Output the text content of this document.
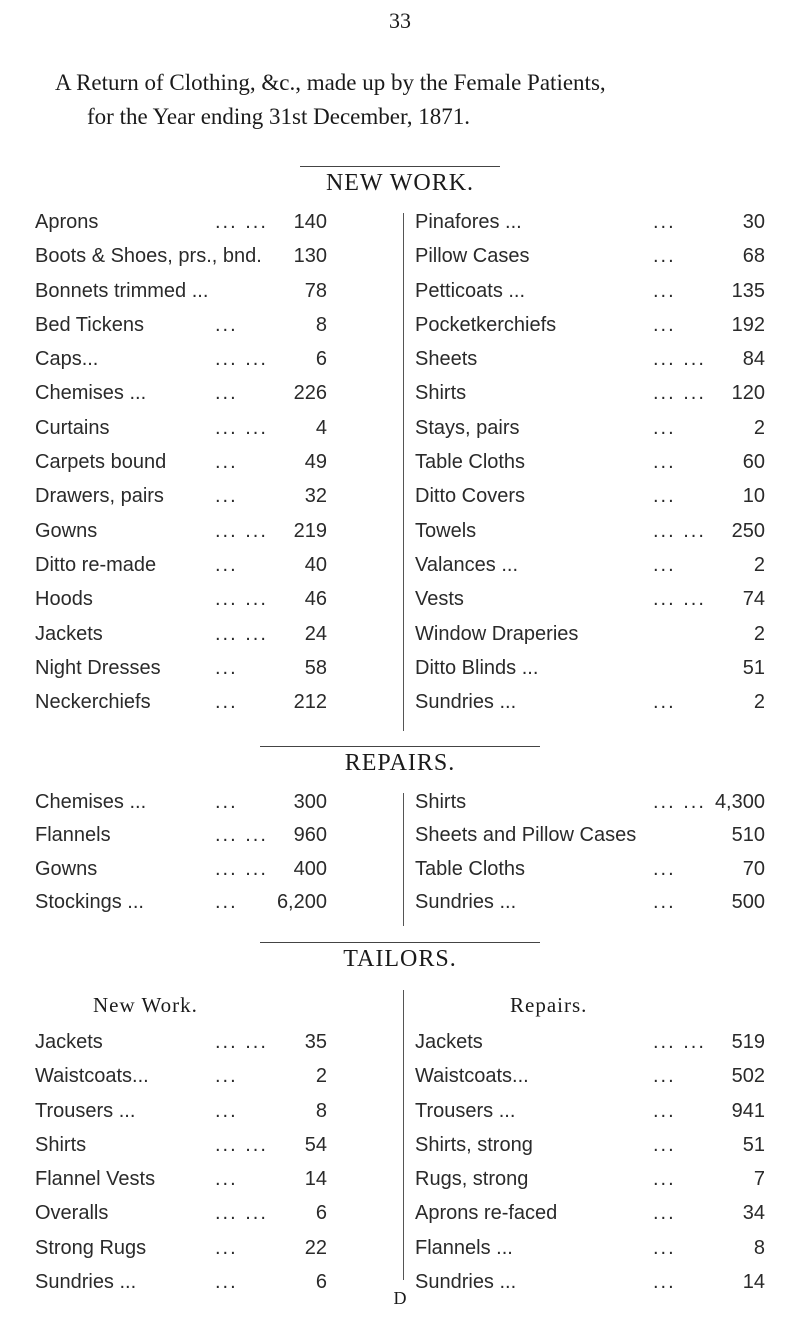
33
A Return of Clothing, &c., made up by the Female Patients,
for the Year ending 31st December, 1871.
NEW WORK.
Aprons	... ... 140	Pinafores ...	...	30
Boots & Shoes, prs., bnd. 130	Pillow Cases	...	68
Bonnets trimmed ...	78	Petticoats ...	...	135
Bed Tickens	...	8	Pocketkerchiefs	...	192
Caps...	... ... 6	Sheets	... ... 84
Chemises ...	...	226	Shirts	... ... 120
Curtains	... ... 4	Stays, pairs	...	2
Carpets bound ...	49	Table Cloths	...	60
Drawers, pairs	...	32	Ditto Covers	...	10
Gowns	... ... 219	Towels	... ... 250
Ditto re-made	...	40	Valances ...	...	2
Hoods	... ... 46	Vests	... ... 74
Jackets	... ... 24	Window Draperies	2
Night Dresses	...	58	Ditto Blinds ...	51
Neckerchiefs	...	212	Sundries ...	...	2
REPAIRS.
Chemises ...	...	300	Shirts	... ... 4,300
Flannels	... ... 960	Sheets and Pillow Cases	510
Gowns	... ... 400	Table Cloths	...	70
Stockings ...	... 6,200	Sundries ...	...	500
TAILORS.
New Work.	Repairs.
Jackets	... ... 35	Jackets	... ... 519
Waistcoats...	...	2	Waistcoats...	...	502
Trousers ...	...	8	Trousers ...	...	941
Shirts	... ... 54	Shirts, strong	...	51
Flannel Vests	...	14	Rugs, strong	...	7
Overalls	... ... 6	Aprons re-faced	...	34
Strong Rugs	...	22	Flannels ...	...	8
Sundries ...	...	6	Sundries ...	...	14
D
